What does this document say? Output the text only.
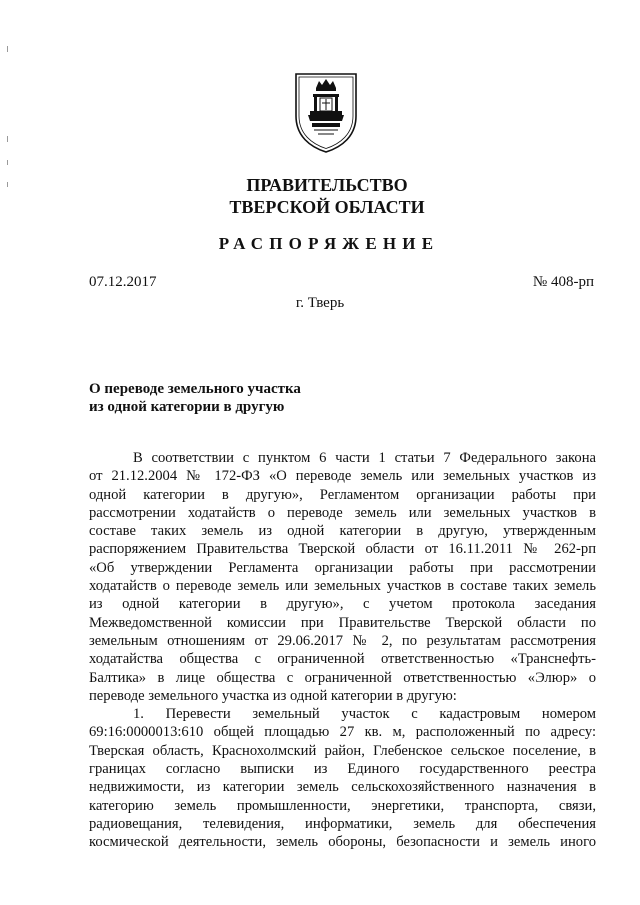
ПРАВИТЕЛЬСТВО
ТВЕРСКОЙ ОБЛАСТИ
РАСПОРЯЖЕНИЕ
07.12.2017	№ 408-рп
г. Тверь
О переводе земельного участка
из одной категории в другую
В соответствии с пунктом 6 части 1 статьи 7 Федерального закона
от 21.12.2004 № 172-ФЗ «О переводе земель или земельных участков из
одной категории в другую», Регламентом организации работы при
рассмотрении ходатайств о переводе земель или земельных участков в
составе таких земель из одной категории в другую, утвержденным
распоряжением Правительства Тверской области от 16.11.2011 № 262-рп
«Об утверждении Регламента организации работы при рассмотрении
ходатайств о переводе земель или земельных участков в составе таких земель
из одной категории в другую», с учетом протокола заседания
Межведомственной комиссии при Правительстве Тверской области по
земельным отношениям от 29.06.2017 № 2, по результатам рассмотрения
ходатайства общества с ограниченной ответственностью «Транснефть-
Балтика» в лице общества с ограниченной ответственностью «Элюр» о
переводе земельного участка из одной категории в другую:
1. Перевести земельный участок с кадастровым номером
69:16:0000013:610 общей площадью 27 кв. м, расположенный по адресу:
Тверская область, Краснохолмский район, Глебенское сельское поселение, в
границах согласно выписки из Единого государственного реестра
недвижимости, из категории земель сельскохозяйственного назначения в
категорию земель промышленности, энергетики, транспорта, связи,
радиовещания, телевидения, информатики, земель для обеспечения
космической деятельности, земель обороны, безопасности и земель иного
